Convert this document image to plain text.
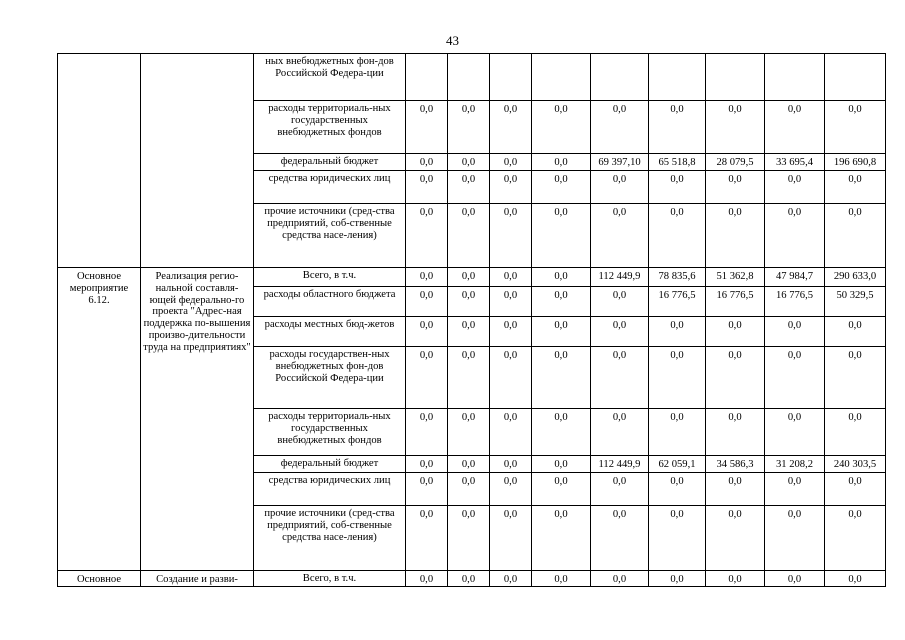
43
		ных внебюджетных фон-дов Российской Федера-ции									
		расходы территориаль-ных государственных внебюджетных фондов	0,0	0,0	0,0	0,0	0,0	0,0	0,0	0,0	0,0
		федеральный бюджет	0,0	0,0	0,0	0,0	69 397,10	65 518,8	28 079,5	33 695,4	196 690,8
		средства юридических лиц	0,0	0,0	0,0	0,0	0,0	0,0	0,0	0,0	0,0
		прочие источники (сред-ства предприятий, соб-ственные средства насе-ления)	0,0	0,0	0,0	0,0	0,0	0,0	0,0	0,0	0,0
Основное мероприятие 6.12.	Реализация регио-нальной составля-ющей федерально-го проекта "Адрес-ная поддержка по-вышения произво-дительности труда на предприятиях"	Всего, в т.ч.	0,0	0,0	0,0	0,0	112 449,9	78 835,6	51 362,8	47 984,7	290 633,0
		расходы областного бюджета	0,0	0,0	0,0	0,0	0,0	16 776,5	16 776,5	16 776,5	50 329,5
		расходы местных бюд-жетов	0,0	0,0	0,0	0,0	0,0	0,0	0,0	0,0	0,0
		расходы государствен-ных внебюджетных фон-дов Российской Федера-ции	0,0	0,0	0,0	0,0	0,0	0,0	0,0	0,0	0,0
		расходы территориаль-ных государственных внебюджетных фондов	0,0	0,0	0,0	0,0	0,0	0,0	0,0	0,0	0,0
		федеральный бюджет	0,0	0,0	0,0	0,0	112 449,9	62 059,1	34 586,3	31 208,2	240 303,5
		средства юридических лиц	0,0	0,0	0,0	0,0	0,0	0,0	0,0	0,0	0,0
		прочие источники (сред-ства предприятий, соб-ственные средства насе-ления)	0,0	0,0	0,0	0,0	0,0	0,0	0,0	0,0	0,0
Основное	Создание и разви-	Всего, в т.ч.	0,0	0,0	0,0	0,0	0,0	0,0	0,0	0,0	0,0
